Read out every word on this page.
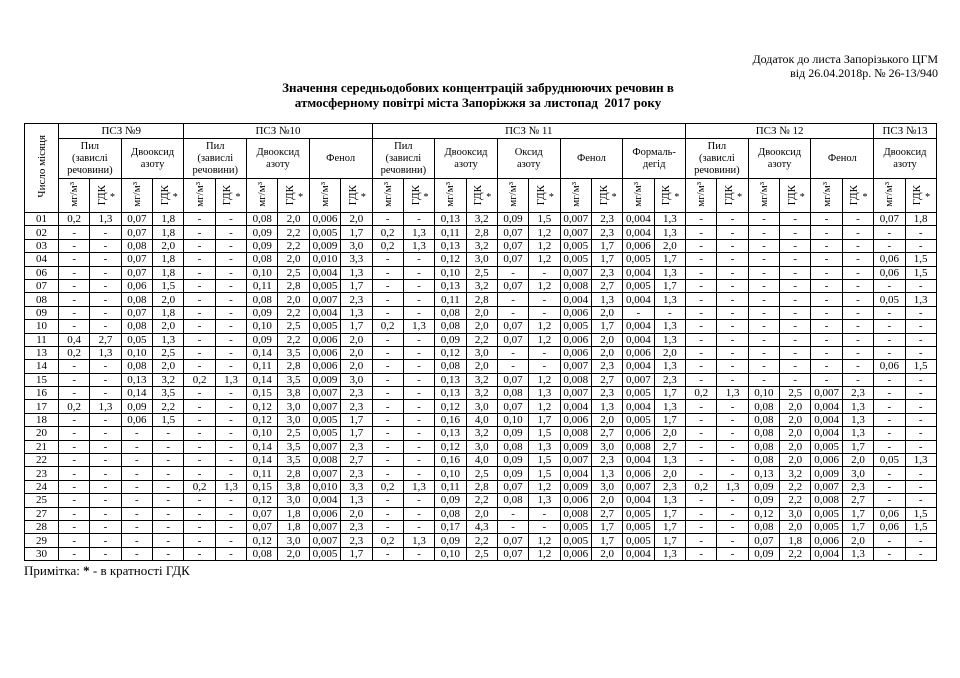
Додаток до листа Запорізького ЦГМ
від 26.04.2018р. № 26-13/940
Значення середньодобових концентрацій забруднюючих речовин в
атмосферному повітрі міста Запоріжжя за листопад  2017 року
Число місяця	ПСЗ №9				ПСЗ №10						ПСЗ № 11										ПСЗ № 12						ПСЗ №13	
	Пил
(завислі
речовини)		Двооксид
азоту		Пил
(завислі
речовини)		Двооксид
азоту		Фенол		Пил
(завислі
речовини)		Двооксид
азоту		Оксид
азоту		Фенол		Формаль-
дегід		Пил
(завислі
речовини)		Двооксид
азоту		Фенол		Двооксид
азоту	
	мг/м³	ГДК *	мг/м³	ГДК *	мг/м³	ГДК *	мг/м³	ГДК *	мг/м³	ГДК *	мг/м³	ГДК *	мг/м³	ГДК *	мг/м³	ГДК *	мг/м³	ГДК *	мг/м³	ГДК *	мг/м³	ГДК *	мг/м³	ГДК *	мг/м³	ГДК *	мг/м³	ГДК *

01	0,2	1,3	0,07	1,8	-	-	0,08	2,0	0,006	2,0	-	-	0,13	3,2	0,09	1,5	0,007	2,3	0,004	1,3	-	-	-	-	-	-	0,07	1,8
02	-	-	0,07	1,8	-	-	0,09	2,2	0,005	1,7	0,2	1,3	0,11	2,8	0,07	1,2	0,007	2,3	0,004	1,3	-	-	-	-	-	-	-	-
03	-	-	0,08	2,0	-	-	0,09	2,2	0,009	3,0	0,2	1,3	0,13	3,2	0,07	1,2	0,005	1,7	0,006	2,0	-	-	-	-	-	-	-	-
04	-	-	0,07	1,8	-	-	0,08	2,0	0,010	3,3	-	-	0,12	3,0	0,07	1,2	0,005	1,7	0,005	1,7	-	-	-	-	-	-	0,06	1,5
06	-	-	0,07	1,8	-	-	0,10	2,5	0,004	1,3	-	-	0,10	2,5	-	-	0,007	2,3	0,004	1,3	-	-	-	-	-	-	0,06	1,5
07	-	-	0,06	1,5	-	-	0,11	2,8	0,005	1,7	-	-	0,13	3,2	0,07	1,2	0,008	2,7	0,005	1,7	-	-	-	-	-	-	-	-
08	-	-	0,08	2,0	-	-	0,08	2,0	0,007	2,3	-	-	0,11	2,8	-	-	0,004	1,3	0,004	1,3	-	-	-	-	-	-	0,05	1,3
09	-	-	0,07	1,8	-	-	0,09	2,2	0,004	1,3	-	-	0,08	2,0	-	-	0,006	2,0	-	-	-	-	-	-	-	-	-	-
10	-	-	0,08	2,0	-	-	0,10	2,5	0,005	1,7	0,2	1,3	0,08	2,0	0,07	1,2	0,005	1,7	0,004	1,3	-	-	-	-	-	-	-	-
11	0,4	2,7	0,05	1,3	-	-	0,09	2,2	0,006	2,0	-	-	0,09	2,2	0,07	1,2	0,006	2,0	0,004	1,3	-	-	-	-	-	-	-	-
13	0,2	1,3	0,10	2,5	-	-	0,14	3,5	0,006	2,0	-	-	0,12	3,0	-	-	0,006	2,0	0,006	2,0	-	-	-	-	-	-	-	-
14	-	-	0,08	2,0	-	-	0,11	2,8	0,006	2,0	-	-	0,08	2,0	-	-	0,007	2,3	0,004	1,3	-	-	-	-	-	-	0,06	1,5
15	-	-	0,13	3,2	0,2	1,3	0,14	3,5	0,009	3,0	-	-	0,13	3,2	0,07	1,2	0,008	2,7	0,007	2,3	-	-	-	-	-	-	-	-
16	-	-	0,14	3,5	-	-	0,15	3,8	0,007	2,3	-	-	0,13	3,2	0,08	1,3	0,007	2,3	0,005	1,7	0,2	1,3	0,10	2,5	0,007	2,3	-	-
17	0,2	1,3	0,09	2,2	-	-	0,12	3,0	0,007	2,3	-	-	0,12	3,0	0,07	1,2	0,004	1,3	0,004	1,3	-	-	0,08	2,0	0,004	1,3	-	-
18	-	-	0,06	1,5	-	-	0,12	3,0	0,005	1,7	-	-	0,16	4,0	0,10	1,7	0,006	2,0	0,005	1,7	-	-	0,08	2,0	0,004	1,3	-	-
20	-	-	-	-	-	-	0,10	2,5	0,005	1,7	-	-	0,13	3,2	0,09	1,5	0,008	2,7	0,006	2,0	-	-	0,08	2,0	0,004	1,3	-	-
21	-	-	-	-	-	-	0,14	3,5	0,007	2,3	-	-	0,12	3,0	0,08	1,3	0,009	3,0	0,008	2,7	-	-	0,08	2,0	0,005	1,7	-	-
22	-	-	-	-	-	-	0,14	3,5	0,008	2,7	-	-	0,16	4,0	0,09	1,5	0,007	2,3	0,004	1,3	-	-	0,08	2,0	0,006	2,0	0,05	1,3
23	-	-	-	-	-	-	0,11	2,8	0,007	2,3	-	-	0,10	2,5	0,09	1,5	0,004	1,3	0,006	2,0	-	-	0,13	3,2	0,009	3,0	-	-
24	-	-	-	-	0,2	1,3	0,15	3,8	0,010	3,3	0,2	1,3	0,11	2,8	0,07	1,2	0,009	3,0	0,007	2,3	0,2	1,3	0,09	2,2	0,007	2,3	-	-
25	-	-	-	-	-	-	0,12	3,0	0,004	1,3	-	-	0,09	2,2	0,08	1,3	0,006	2,0	0,004	1,3	-	-	0,09	2,2	0,008	2,7	-	-
27	-	-	-	-	-	-	0,07	1,8	0,006	2,0	-	-	0,08	2,0	-	-	0,008	2,7	0,005	1,7	-	-	0,12	3,0	0,005	1,7	0,06	1,5
28	-	-	-	-	-	-	0,07	1,8	0,007	2,3	-	-	0,17	4,3	-	-	0,005	1,7	0,005	1,7	-	-	0,08	2,0	0,005	1,7	0,06	1,5
29	-	-	-	-	-	-	0,12	3,0	0,007	2,3	0,2	1,3	0,09	2,2	0,07	1,2	0,005	1,7	0,005	1,7	-	-	0,07	1,8	0,006	2,0	-	-
30	-	-	-	-	-	-	0,08	2,0	0,005	1,7	-	-	0,10	2,5	0,07	1,2	0,006	2,0	0,004	1,3	-	-	0,09	2,2	0,004	1,3	-	-
Примітка: * - в кратності ГДК
